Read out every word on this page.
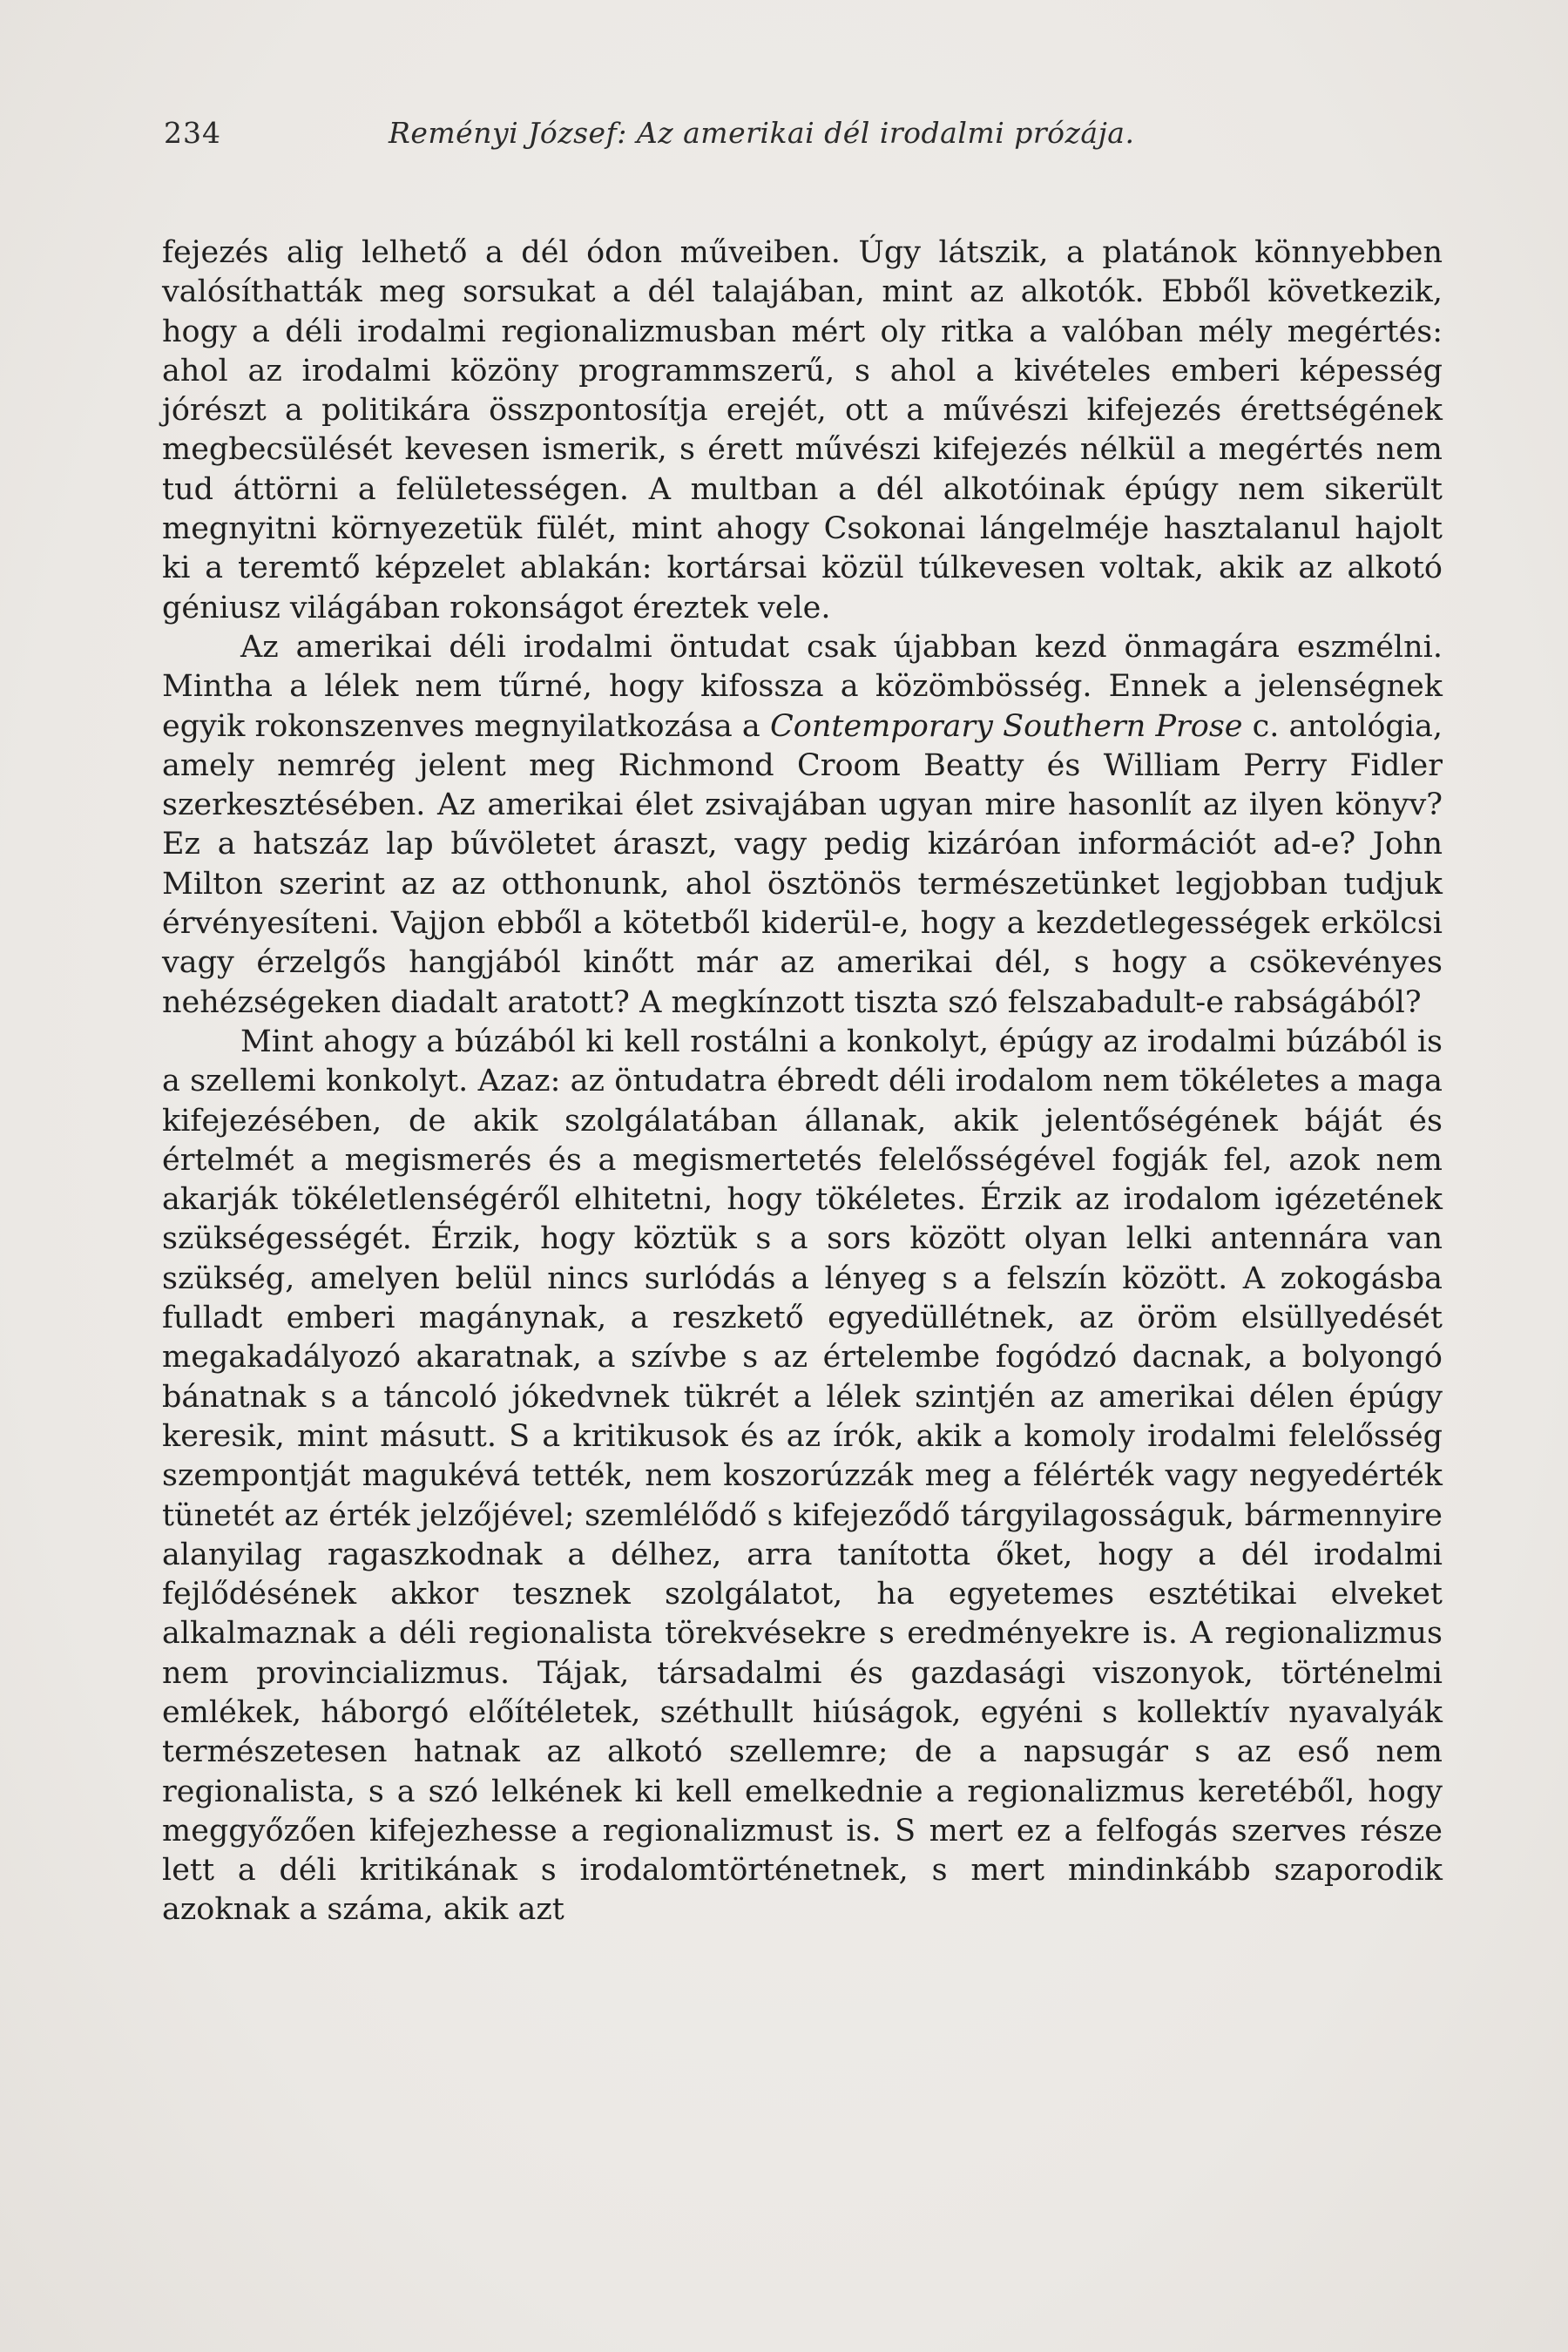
234	Reményi József: Az amerikai dél irodalmi prózája.

fejezés alig lelhető a dél ódon műveiben. Úgy látszik, a platánok könnyebben valósíthatták meg sorsukat a dél talajában, mint az alkotók. Ebből következik, hogy a déli irodalmi regionalizmusban mért oly ritka a valóban mély megértés: ahol az irodalmi közöny programmszerű, s ahol a kivételes emberi képesség jórészt a politikára összpontosítja erejét, ott a művészi kifejezés érettségének megbecsülését kevesen ismerik, s érett művészi kifejezés nélkül a megértés nem tud áttörni a felületességen. A multban a dél alkotóinak épúgy nem sikerült megnyitni környezetük fülét, mint ahogy Csokonai lángelméje hasztalanul hajolt ki a teremtő képzelet ablakán: kortársai közül túlkevesen voltak, akik az alkotó géniusz világában rokonságot éreztek vele.

Az amerikai déli irodalmi öntudat csak újabban kezd önmagára eszmélni. Mintha a lélek nem tűrné, hogy kifossza a közömbösség. Ennek a jelenségnek egyik rokonszenves megnyilatkozása a Contemporary Southern Prose c. antológia, amely nemrég jelent meg Richmond Croom Beatty és William Perry Fidler szerkesztésében. Az amerikai élet zsivajában ugyan mire hasonlít az ilyen könyv? Ez a hatszáz lap bűvöletet áraszt, vagy pedig kizáróan információt ad-e? John Milton szerint az az otthonunk, ahol ösztönös természetünket legjobban tudjuk érvényesíteni. Vajjon ebből a kötetből kiderül-e, hogy a kezdetlegességek erkölcsi vagy érzelgős hangjából kinőtt már az amerikai dél, s hogy a csökevényes nehézségeken diadalt aratott? A megkínzott tiszta szó felszabadult-e rabságából?

Mint ahogy a búzából ki kell rostálni a konkolyt, épúgy az irodalmi búzából is a szellemi konkolyt. Azaz: az öntudatra ébredt déli irodalom nem tökéletes a maga kifejezésében, de akik szolgálatában állanak, akik jelentőségének báját és értelmét a megismerés és a megismertetés felelősségével fogják fel, azok nem akarják tökéletlenségéről elhitetni, hogy tökéletes. Érzik az irodalom igézetének szükségességét. Érzik, hogy köztük s a sors között olyan lelki antennára van szükség, amelyen belül nincs surlódás a lényeg s a felszín között. A zokogásba fulladt emberi magánynak, a reszkető egyedüllétnek, az öröm elsüllyedését megakadályozó akaratnak, a szívbe s az értelembe fogódzó dacnak, a bolyongó bánatnak s a táncoló jókedvnek tükrét a lélek szintjén az amerikai délen épúgy keresik, mint másutt. S a kritikusok és az írók, akik a komoly irodalmi felelősség szempontját magukévá tették, nem koszorúzzák meg a félérték vagy negyedérték tünetét az érték jelzőjével; szemlélődő s kifejeződő tárgyilagosságuk, bármennyire alanyilag ragaszkodnak a délhez, arra tanította őket, hogy a dél irodalmi fejlődésének akkor tesznek szolgálatot, ha egyetemes esztétikai elveket alkalmaznak a déli regionalista törekvésekre s eredményekre is. A regionalizmus nem provincializmus. Tájak, társadalmi és gazdasági viszonyok, történelmi emlékek, háborgó előítéletek, széthullt hiúságok, egyéni s kollektív nyavalyák természetesen hatnak az alkotó szellemre; de a napsugár s az eső nem regionalista, s a szó lelkének ki kell emelkednie a regionalizmus keretéből, hogy meggyőzően kifejezhesse a regionalizmust is. S mert ez a felfogás szerves része lett a déli kritikának s irodalomtörténetnek, s mert mindinkább szaporodik azoknak a száma, akik azt
